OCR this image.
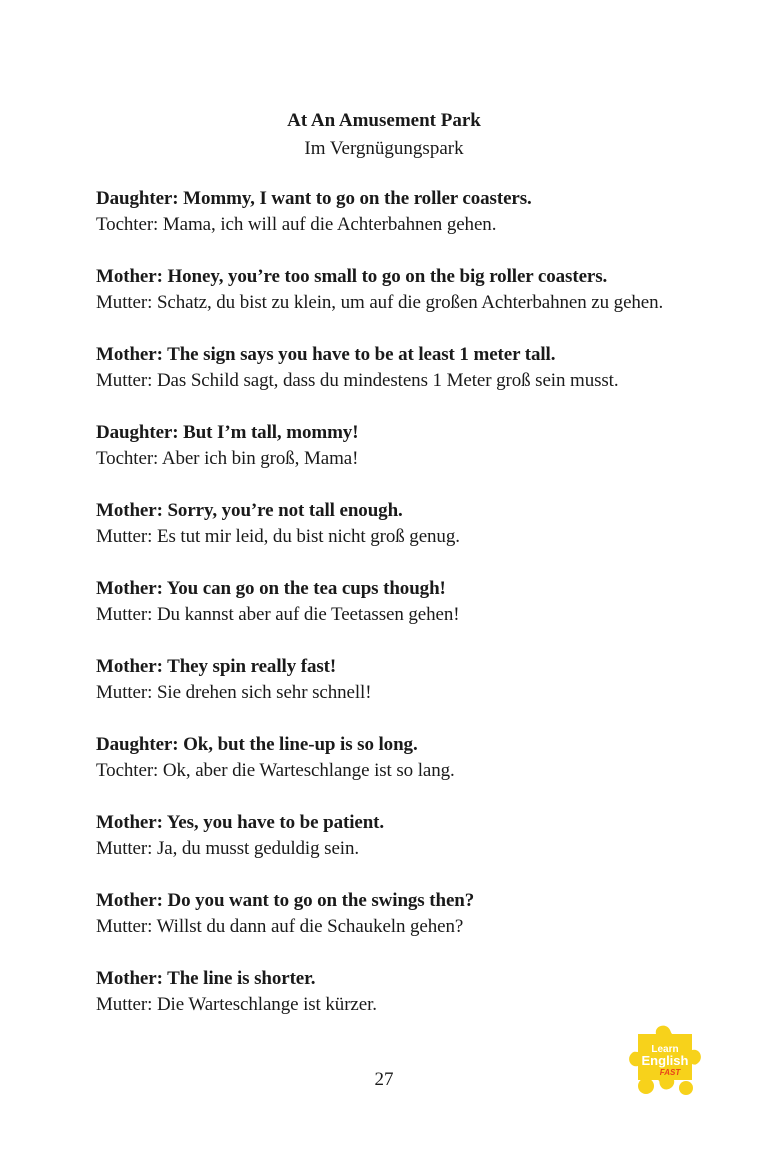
At An Amusement Park
Im Vergnügungspark
Daughter: Mommy, I want to go on the roller coasters.
Tochter: Mama, ich will auf die Achterbahnen gehen.
Mother: Honey, you’re too small to go on the big roller coasters.
Mutter: Schatz, du bist zu klein, um auf die großen Achterbahnen zu gehen.
Mother: The sign says you have to be at least 1 meter tall.
Mutter: Das Schild sagt, dass du mindestens 1 Meter groß sein musst.
Daughter: But I’m tall, mommy!
Tochter: Aber ich bin groß, Mama!
Mother: Sorry, you’re not tall enough.
Mutter: Es tut mir leid, du bist nicht groß genug.
Mother: You can go on the tea cups though!
Mutter: Du kannst aber auf die Teetassen gehen!
Mother: They spin really fast!
Mutter: Sie drehen sich sehr schnell!
Daughter: Ok, but the line-up is so long.
Tochter: Ok, aber die Warteschlange ist so lang.
Mother: Yes, you have to be patient.
Mutter: Ja, du musst geduldig sein.
Mother: Do you want to go on the swings then?
Mutter: Willst du dann auf die Schaukeln gehen?
Mother: The line is shorter.
Mutter: Die Warteschlange ist kürzer.
27
Learn
English
FAST
